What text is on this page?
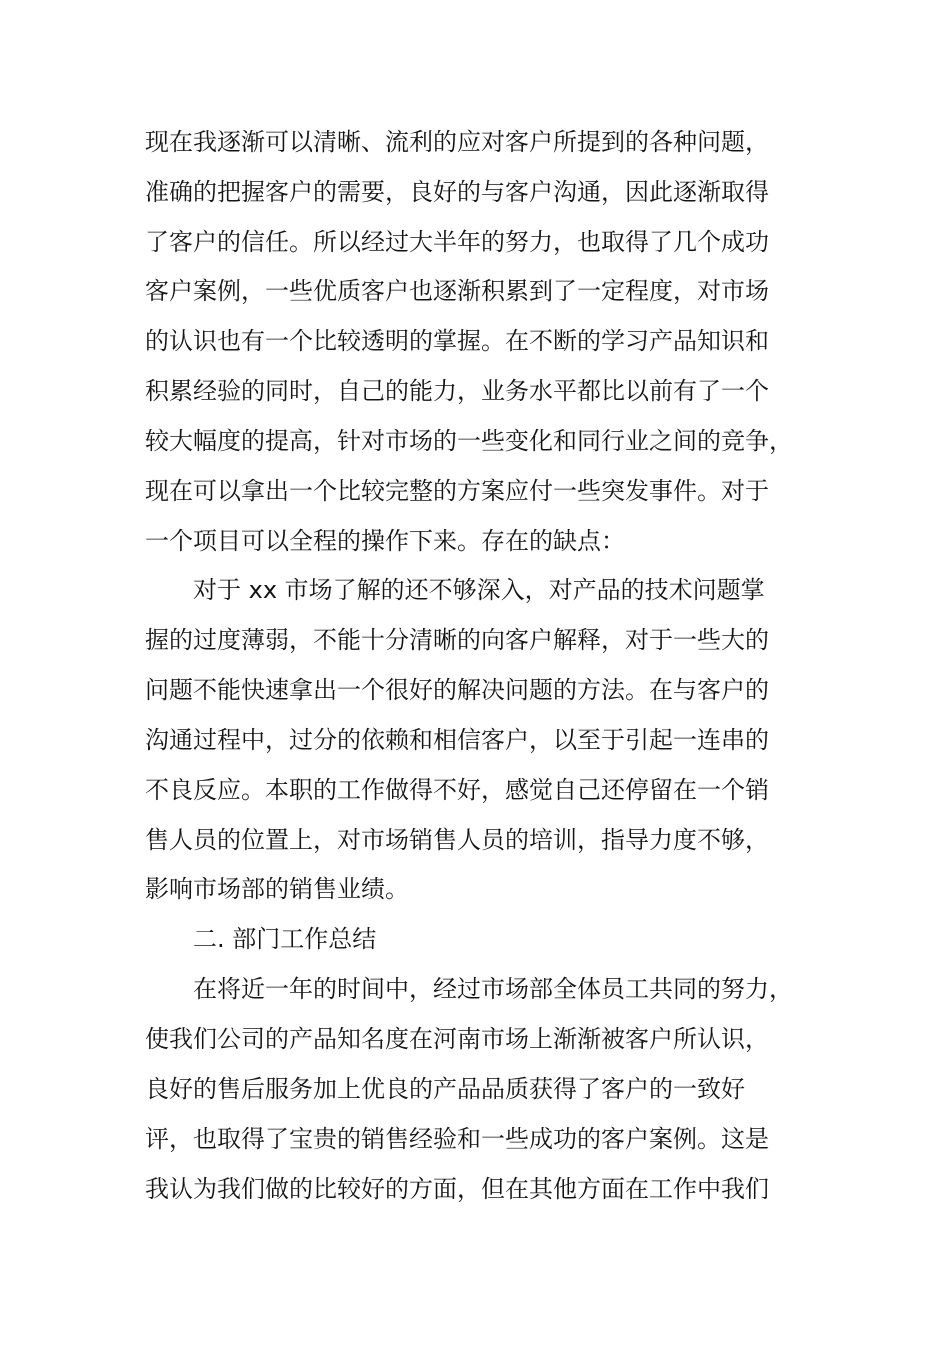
现在我逐渐可以清晰、流利的应对客户所提到的各种问题，
准确的把握客户的需要，良好的与客户沟通，因此逐渐取得
了客户的信任。所以经过大半年的努力，也取得了几个成功
客户案例，一些优质客户也逐渐积累到了一定程度，对市场
的认识也有一个比较透明的掌握。在不断的学习产品知识和
积累经验的同时，自己的能力，业务水平都比以前有了一个
较大幅度的提高，针对市场的一些变化和同行业之间的竞争，
现在可以拿出一个比较完整的方案应付一些突发事件。对于
一个项目可以全程的操作下来。存在的缺点：
对于 xx 市场了解的还不够深入，对产品的技术问题掌
握的过度薄弱，不能十分清晰的向客户解释，对于一些大的
问题不能快速拿出一个很好的解决问题的方法。在与客户的
沟通过程中，过分的依赖和相信客户，以至于引起一连串的
不良反应。本职的工作做得不好，感觉自己还停留在一个销
售人员的位置上，对市场销售人员的培训，指导力度不够，
影响市场部的销售业绩。
二. 部门工作总结
在将近一年的时间中，经过市场部全体员工共同的努力，
使我们公司的产品知名度在河南市场上渐渐被客户所认识，
良好的售后服务加上优良的产品品质获得了客户的一致好
评，也取得了宝贵的销售经验和一些成功的客户案例。这是
我认为我们做的比较好的方面，但在其他方面在工作中我们
